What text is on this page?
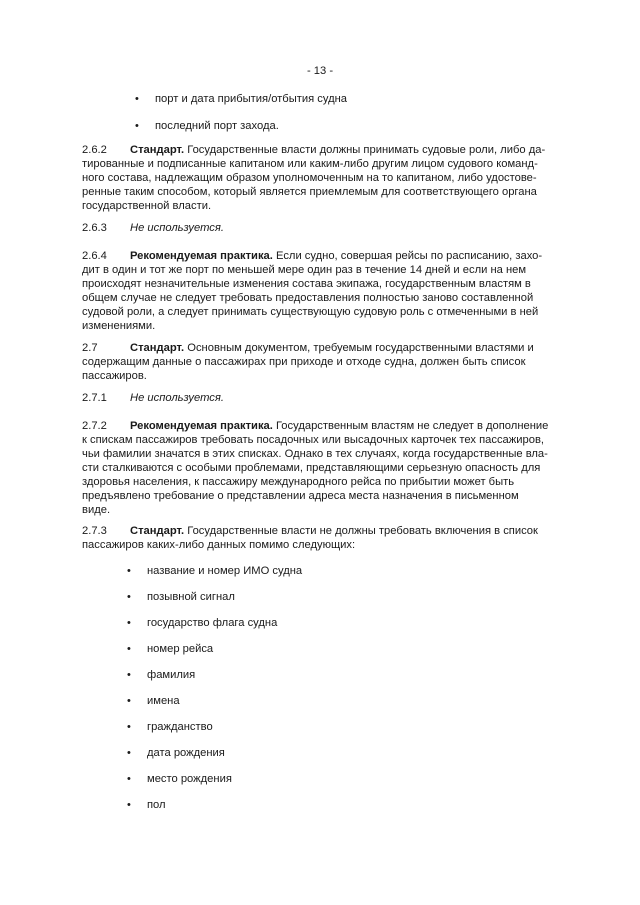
- 13 -
• порт и дата прибытия/отбытия судна
• последний порт захода.
2.6.2 Стандарт. Государственные власти должны принимать судовые роли, либо да-
тированные и подписанные капитаном или каким-либо другим лицом судового команд-
ного состава, надлежащим образом уполномоченным на то капитаном, либо удостове-
ренные таким способом, который является приемлемым для соответствующего органа
государственной власти.
2.6.3 Не используется.
2.6.4 Рекомендуемая практика. Если судно, совершая рейсы по расписанию, захо-
дит в один и тот же порт по меньшей мере один раз в течение 14 дней и если на нем
происходят незначительные изменения состава экипажа, государственным властям в
общем случае не следует требовать предоставления полностью заново составленной
судовой роли, а следует принимать существующую судовую роль с отмеченными в ней
изменениями.
2.7	Стандарт. Основным документом, требуемым государственными властями и
содержащим данные о пассажирах при приходе и отходе судна, должен быть список
пассажиров.
2.7.1 Не используется.
2.7.2 Рекомендуемая практика. Государственным властям не следует в дополнение
к спискам пассажиров требовать посадочных или высадочных карточек тех пассажиров,
чьи фамилии значатся в этих списках. Однако в тех случаях, когда государственные вла-
сти сталкиваются с особыми проблемами, представляющими серьезную опасность для
здоровья населения, к пассажиру международного рейса по прибытии может быть
предъявлено требование о представлении адреса места назначения в письменном
виде.
2.7.3 Стандарт. Государственные власти не должны требовать включения в список
пассажиров каких-либо данных помимо следующих:
• название и номер ИМО судна
• позывной сигнал
• государство флага судна
• номер рейса
• фамилия
• имена
• гражданство
• дата рождения
• место рождения
• пол
